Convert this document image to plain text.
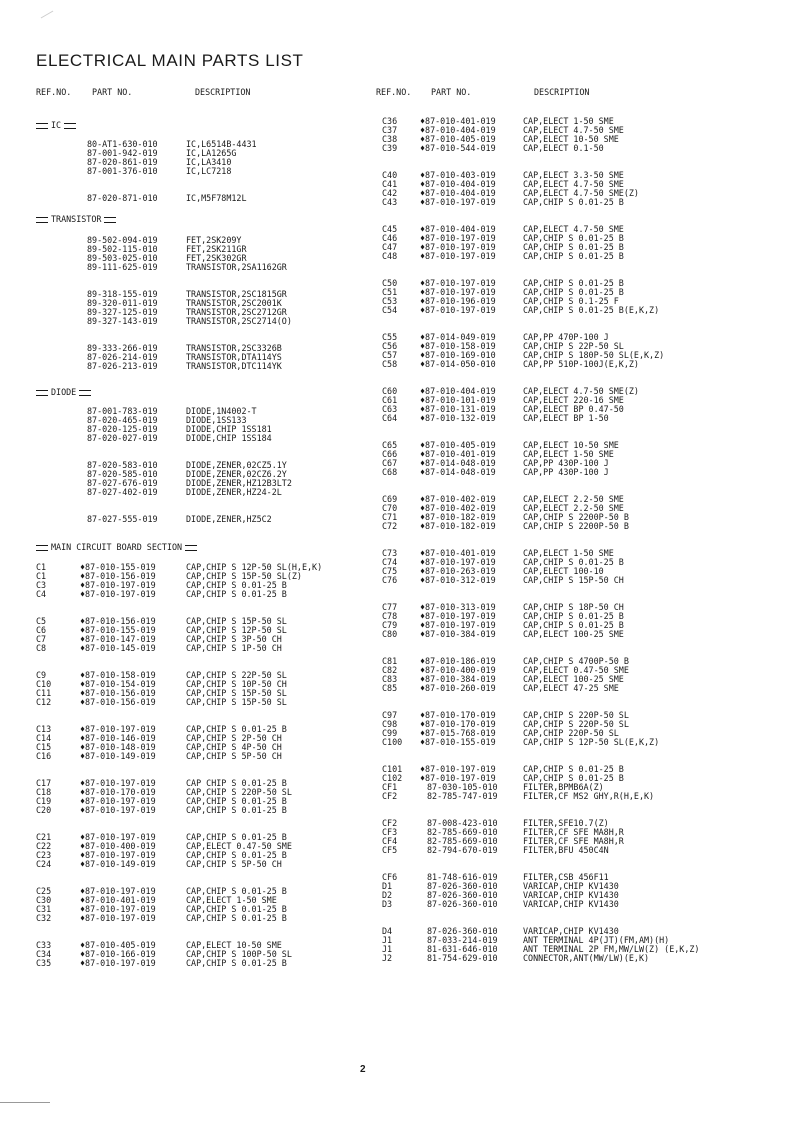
ELECTRICAL MAIN PARTS LIST
REF.NO. PART NO.	DESCRIPTION	REF.NO. PART NO.	DESCRIPTION
IC
80-AT1-630-010	IC,L6514B-4431
87-001-942-019	IC,LA1265G
87-020-861-019	IC,LA3410
87-001-376-010	IC,LC7218
87-020-871-010	IC,M5F78M12L
TRANSISTOR
89-502-094-019	FET,2SK209Y
89-502-115-010	FET,2SK211GR
89-503-025-010	FET,2SK302GR
89-111-625-019	TRANSISTOR,2SA1162GR
89-318-155-019	TRANSISTOR,2SC1815GR
89-320-011-019	TRANSISTOR,2SC2001K
89-327-125-019	TRANSISTOR,2SC2712GR
89-327-143-019	TRANSISTOR,2SC2714(O)
89-333-266-019	TRANSISTOR,2SC3326B
87-026-214-019	TRANSISTOR,DTA114YS
87-026-213-019	TRANSISTOR,DTC114YK
DIODE
87-001-783-019	DIODE,1N4002-T
87-020-465-019	DIODE,1SS133
87-020-125-019	DIODE,CHIP 1SS181
87-020-027-019	DIODE,CHIP 1SS184
87-020-583-010	DIODE,ZENER,02CZ5.1Y
87-020-585-010	DIODE,ZENER,02CZ6.2Y
87-027-676-019	DIODE,ZENER,HZ12B3LT2
87-027-402-019	DIODE,ZENER,HZ24-2L
87-027-555-019	DIODE,ZENER,HZ5C2
MAIN CIRCUIT BOARD SECTION
C1	♦87-010-155-019	CAP,CHIP S 12P-50 SL(H,E,K)
C1	♦87-010-156-019	CAP,CHIP S 15P-50 SL(Z)
C3	♦87-010-197-019	CAP,CHIP S 0.01-25 B
C4	♦87-010-197-019	CAP,CHIP S 0.01-25 B
C5	♦87-010-156-019	CAP,CHIP S 15P-50 SL
C6	♦87-010-155-019	CAP,CHIP S 12P-50 SL
C7	♦87-010-147-019	CAP,CHIP S 3P-50 CH
C8	♦87-010-145-019	CAP,CHIP S 1P-50 CH
C9	♦87-010-158-019	CAP,CHIP S 22P-50 SL
C10	♦87-010-154-019	CAP,CHIP S 10P-50 CH
C11	♦87-010-156-019	CAP,CHIP S 15P-50 SL
C12	♦87-010-156-019	CAP,CHIP S 15P-50 SL
C13	♦87-010-197-019	CAP,CHIP S 0.01-25 B
C14	♦87-010-146-019	CAP,CHIP S 2P-50 CH
C15	♦87-010-148-019	CAP,CHIP S 4P-50 CH
C16	♦87-010-149-019	CAP,CHIP S 5P-50 CH
C17	♦87-010-197-019	CAP CHIP S 0.01-25 B
C18	♦87-010-170-019	CAP,CHIP S 220P-50 SL
C19	♦87-010-197-019	CAP,CHIP S 0.01-25 B
C20	♦87-010-197-019	CAP,CHIP S 0.01-25 B
C21	♦87-010-197-019	CAP,CHIP S 0.01-25 B
C22	♦87-010-400-019	CAP,ELECT 0.47-50 SME
C23	♦87-010-197-019	CAP,CHIP S 0.01-25 B
C24	♦87-010-149-019	CAP,CHIP S 5P-50 CH
C25	♦87-010-197-019	CAP,CHIP S 0.01-25 B
C30	♦87-010-401-019	CAP,ELECT 1-50 SME
C31	♦87-010-197-019	CAP,CHIP S 0.01-25 B
C32	♦87-010-197-019	CAP,CHIP S 0.01-25 B
C33	♦87-010-405-019	CAP,ELECT 10-50 SME
C34	♦87-010-166-019	CAP,CHIP S 100P-50 SL
C35	♦87-010-197-019	CAP,CHIP S 0.01-25 B
C36	♦87-010-401-019	CAP,ELECT 1-50 SME
C37	♦87-010-404-019	CAP,ELECT 4.7-50 SME
C38	♦87-010-405-019	CAP,ELECT 10-50 SME
C39	♦87-010-544-019	CAP,ELECT 0.1-50
C40	♦87-010-403-019	CAP,ELECT 3.3-50 SME
C41	♦87-010-404-019	CAP,ELECT 4.7-50 SME
C42	♦87-010-404-019	CAP,ELECT 4.7-50 SME(Z)
C43	♦87-010-197-019	CAP,CHIP S 0.01-25 B
C45	♦87-010-404-019	CAP,ELECT 4.7-50 SME
C46	♦87-010-197-019	CAP,CHIP S 0.01-25 B
C47	♦87-010-197-019	CAP,CHIP S 0.01-25 B
C48	♦87-010-197-019	CAP,CHIP S 0.01-25 B
C50	♦87-010-197-019	CAP,CHIP S 0.01-25 B
C51	♦87-010-197-019	CAP,CHIP S 0.01-25 B
C53	♦87-010-196-019	CAP,CHIP S 0.1-25 F
C54	♦87-010-197-019	CAP,CHIP S 0.01-25 B(E,K,Z)
C55	♦87-014-049-019	CAP,PP 470P-100 J
C56	♦87-010-158-019	CAP,CHIP S 22P-50 SL
C57	♦87-010-169-010	CAP,CHIP S 180P-50 SL(E,K,Z)
C58	♦87-014-050-010	CAP,PP 510P-100J(E,K,Z)
C60	♦87-010-404-019	CAP,ELECT 4.7-50 SME(Z)
C61	♦87-010-101-019	CAP,ELECT 220-16 SME
C63	♦87-010-131-019	CAP,ELECT BP 0.47-50
C64	♦87-010-132-019	CAP,ELECT BP 1-50
C65	♦87-010-405-019	CAP,ELECT 10-50 SME
C66	♦87-010-401-019	CAP,ELECT 1-50 SME
C67	♦87-014-048-019	CAP,PP 430P-100 J
C68	♦87-014-048-019	CAP,PP 430P-100 J
C69	♦87-010-402-019	CAP,ELECT 2.2-50 SME
C70	♦87-010-402-019	CAP,ELECT 2.2-50 SME
C71	♦87-010-182-019	CAP,CHIP S 2200P-50 B
C72	♦87-010-182-019	CAP,CHIP S 2200P-50 B
C73	♦87-010-401-019	CAP,ELECT 1-50 SME
C74	♦87-010-197-019	CAP,CHIP S 0.01-25 B
C75	♦87-010-263-019	CAP,ELECT 100-10
C76	♦87-010-312-019	CAP,CHIP S 15P-50 CH
C77	♦87-010-313-019	CAP,CHIP S 18P-50 CH
C78	♦87-010-197-019	CAP,CHIP S 0.01-25 B
C79	♦87-010-197-019	CAP,CHIP S 0.01-25 B
C80	♦87-010-384-019	CAP,ELECT 100-25 SME
C81	♦87-010-186-019	CAP,CHIP S 4700P-50 B
C82	♦87-010-400-019	CAP,ELECT 0.47-50 SME
C83	♦87-010-384-019	CAP,ELECT 100-25 SME
C85	♦87-010-260-019	CAP,ELECT 47-25 SME
C97	♦87-010-170-019	CAP,CHIP S 220P-50 SL
C98	♦87-010-170-019	CAP,CHIP S 220P-50 SL
C99	♦87-015-768-019	CAP,CHIP 220P-50 SL
C100 ♦87-010-155-019	CAP,CHIP S 12P-50 SL(E,K,Z)
C101 ♦87-010-197-019	CAP,CHIP S 0.01-25 B
C102 ♦87-010-197-019	CAP,CHIP S 0.01-25 B
CF1	87-030-105-010	FILTER,BPMB6A(Z)
CF2	82-785-747-019	FILTER,CF MS2 GHY,R(H,E,K)
CF2	87-008-423-010	FILTER,SFE10.7(Z)
CF3	82-785-669-010	FILTER,CF SFE MA8H,R
CF4	82-785-669-010	FILTER,CF SFE MA8H,R
CF5	82-794-670-019	FILTER,BFU 450C4N
CF6	81-748-616-019	FILTER,CSB 456F11
D1	87-026-360-010	VARICAP,CHIP KV1430
D2	87-026-360-010	VARICAP,CHIP KV1430
D3	87-026-360-010	VARICAP,CHIP KV1430
D4	87-026-360-010	VARICAP,CHIP KV1430
J1	87-033-214-019	ANT TERMINAL 4P(JT)(FM,AM)(H)
J1	81-631-646-010	ANT TERMINAL 2P FM,MW/LW(Z) (E,K,Z)
J2	81-754-629-010	CONNECTOR,ANT(MW/LW)(E,K)
2
